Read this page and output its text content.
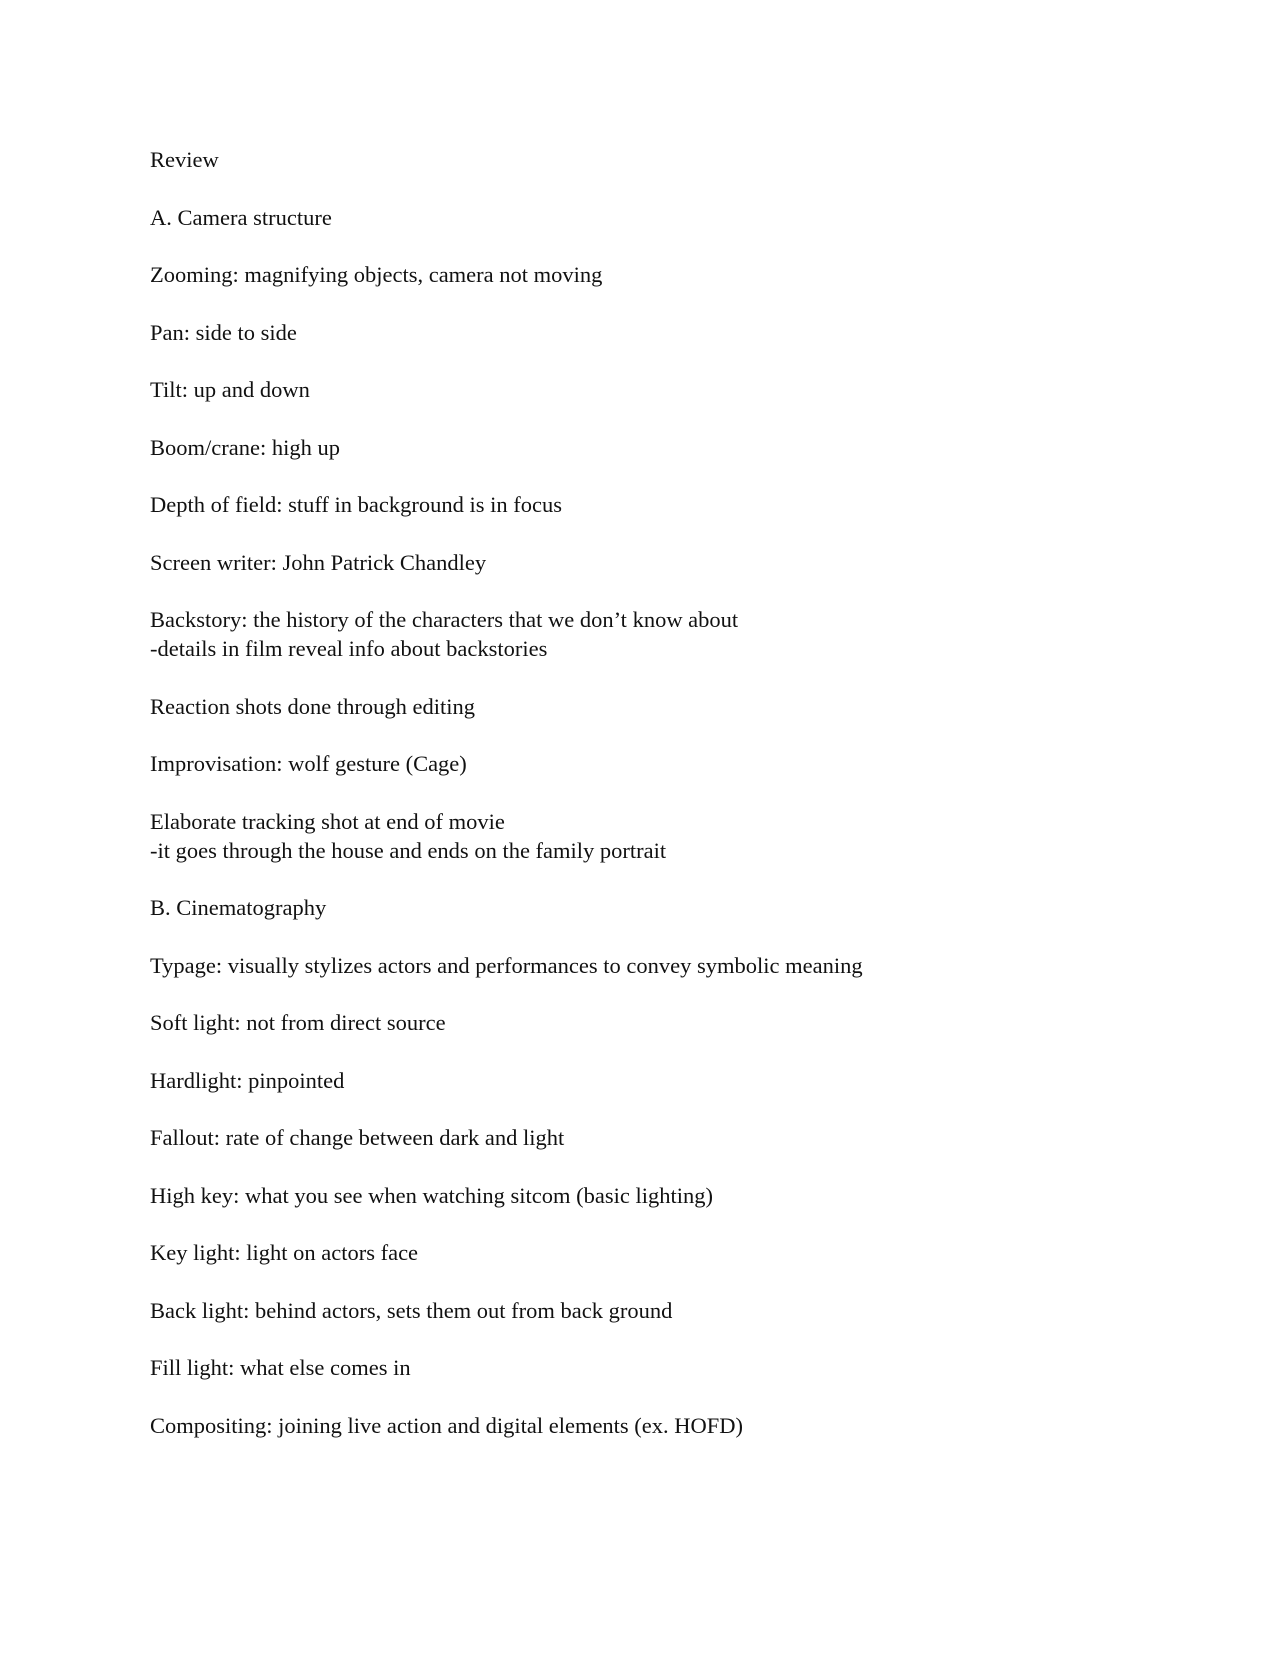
Review
A. Camera structure
Zooming: magnifying objects, camera not moving
Pan: side to side
Tilt: up and down
Boom/crane: high up
Depth of field: stuff in background is in focus
Screen writer: John Patrick Chandley
Backstory: the history of the characters that we don’t know about
-details in film reveal info about backstories
Reaction shots done through editing
Improvisation: wolf gesture (Cage)
Elaborate tracking shot at end of movie
-it goes through the house and ends on the family portrait
B. Cinematography
Typage: visually stylizes actors and performances to convey symbolic meaning
Soft light: not from direct source
Hardlight: pinpointed
Fallout: rate of change between dark and light
High key: what you see when watching sitcom (basic lighting)
Key light: light on actors face
Back light: behind actors, sets them out from back ground
Fill light: what else comes in
Compositing: joining live action and digital elements (ex. HOFD)
